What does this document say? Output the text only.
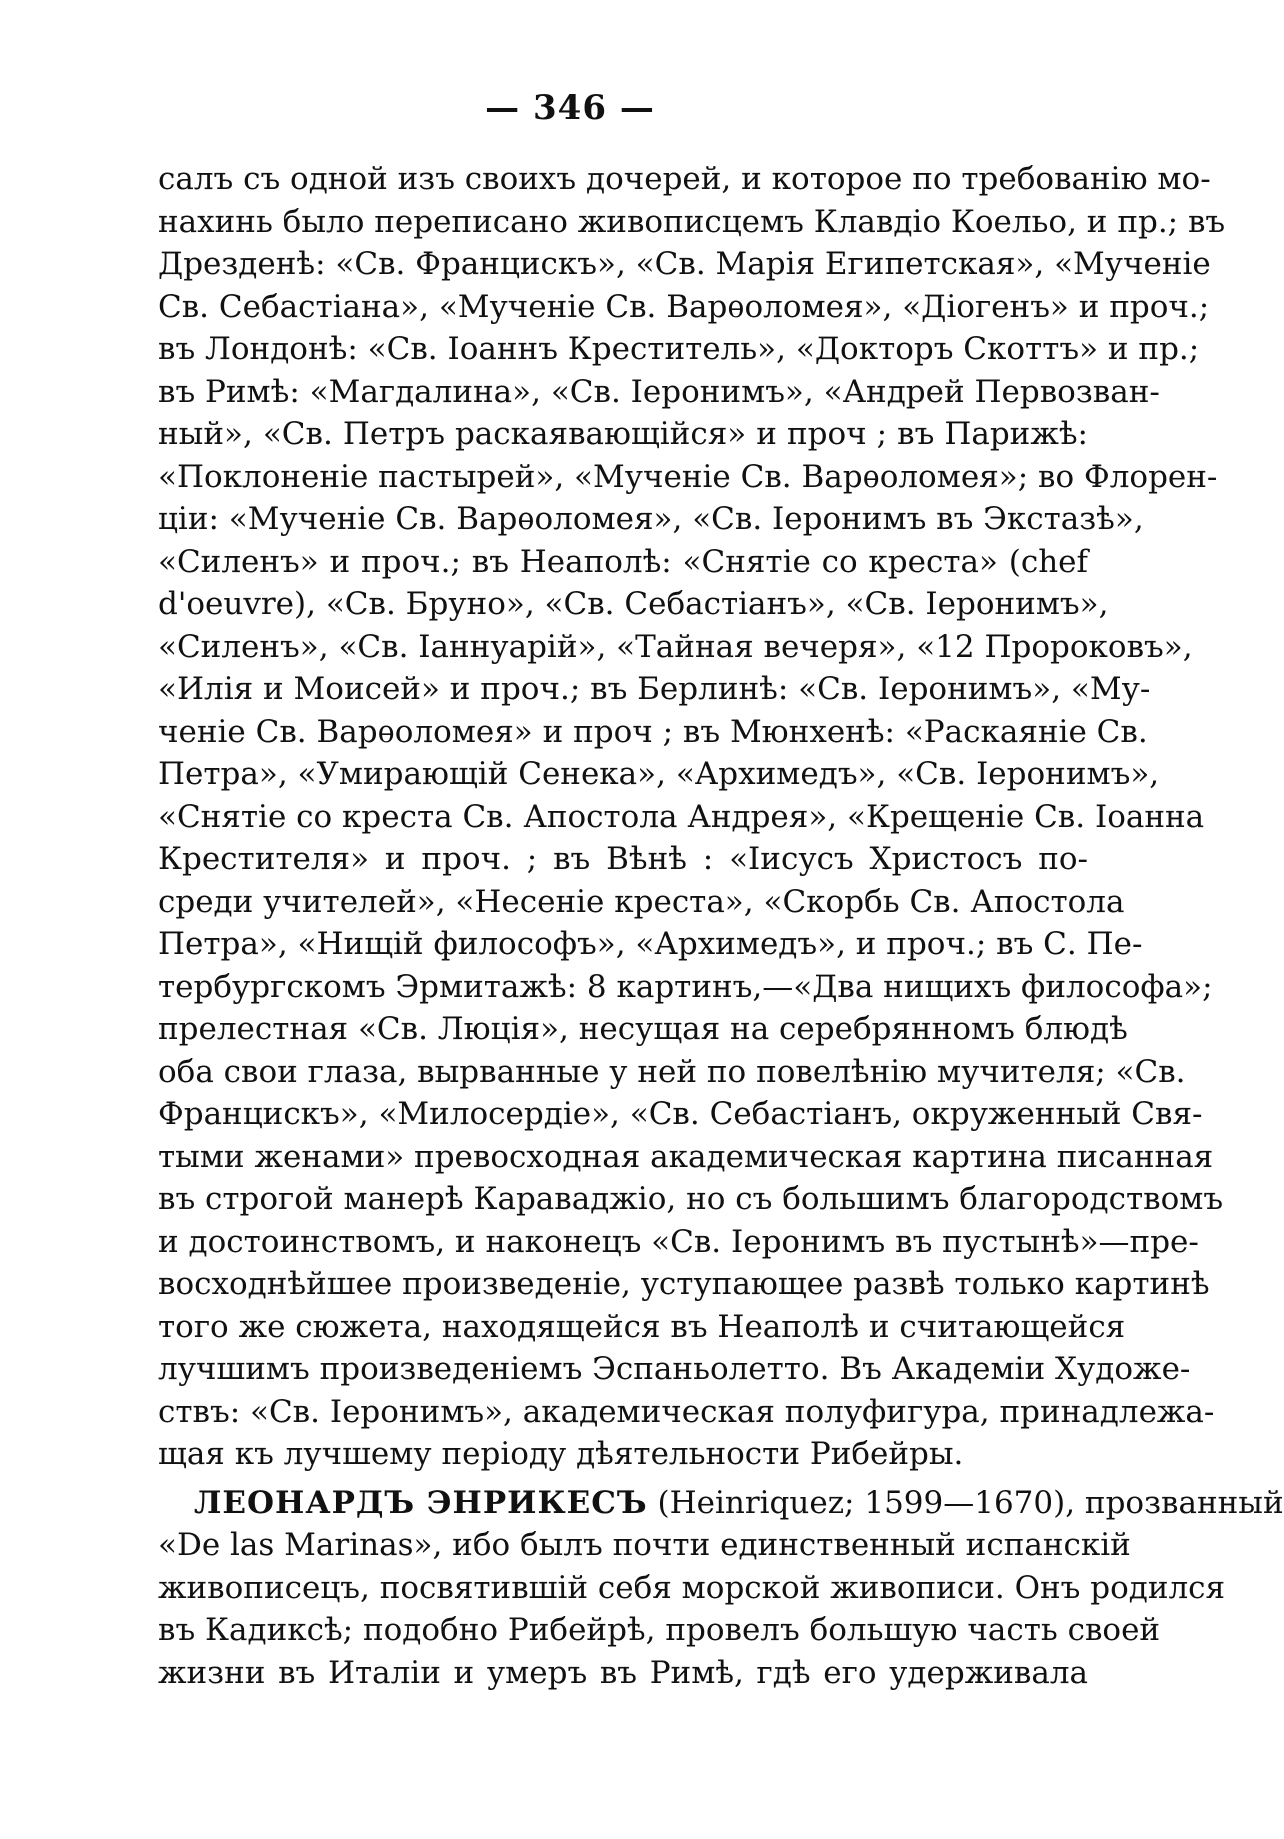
— 346 —
салъ съ одной изъ своихъ дочерей, и которое по требованію мо-
нахинь было переписано живописцемъ Клавдіо Коельо, и пр.; въ
Дрезденѣ: «Св. Францискъ», «Св. Марія Египетская», «Мученіе
Св. Себастіана», «Мученіе Св. Варѳоломея», «Діогенъ» и проч.;
въ Лондонѣ: «Св. Іоаннъ Креститель», «Докторъ Скоттъ» и пр.;
въ Римѣ: «Магдалина», «Св. Іеронимъ», «Андрей Первозван-
ный», «Св. Петръ раскаявающійся» и проч ; въ Парижѣ:
«Поклоненіе пастырей», «Мученіе Св. Варѳоломея»; во Флорен-
ціи: «Мученіе Св. Варѳоломея», «Св. Іеронимъ въ Экстазѣ»,
«Силенъ» и проч.; въ Неаполѣ: «Снятіе со креста» (chef
d'oeuvre), «Св. Бруно», «Св. Себастіанъ», «Св. Іеронимъ»,
«Силенъ», «Св. Іаннуарій», «Тайная вечеря», «12 Пророковъ»,
«Илія и Моисей» и проч.; въ Берлинѣ: «Св. Іеронимъ», «Му-
ченіе Св. Варѳоломея» и проч ; въ Мюнхенѣ: «Раскаяніе Св.
Петра», «Умирающій Сенека», «Архимедъ», «Св. Іеронимъ»,
«Снятіе со креста Св. Апостола Андрея», «Крещеніе Св. Іоанна
Крестителя» и проч. ; въ Вѣнѣ : «Іисусъ Христосъ по-
среди учителей», «Несеніе креста», «Скорбь Св. Апостола
Петра», «Нищій философъ», «Архимедъ», и проч.; въ С. Пе-
тербургскомъ Эрмитажѣ: 8 картинъ,—«Два нищихъ философа»;
прелестная «Св. Люція», несущая на серебрянномъ блюдѣ
оба свои глаза, вырванные у ней по повелѣнію мучителя; «Св.
Францискъ», «Милосердіе», «Св. Себастіанъ, окруженный Свя-
тыми женами» превосходная академическая картина писанная
въ строгой манерѣ Караваджіо, но съ большимъ благородствомъ
и достоинствомъ, и наконецъ «Св. Іеронимъ въ пустынѣ»—пре-
восходнѣйшее произведеніе, уступающее развѣ только картинѣ
того же сюжета, находящейся въ Неаполѣ и считающейся
лучшимъ произведеніемъ Эспаньолетто. Въ Академіи Художе-
ствъ: «Св. Іеронимъ», академическая полуфигура, принадлежа-
щая къ лучшему періоду дѣятельности Рибейры.
ЛЕОНАРДЪ ЭНРИКЕСЪ (Heinriquez; 1599—1670), прозванный
«De las Marinas», ибо былъ почти единственный испанскій
живописецъ, посвятившій себя морской живописи. Онъ родился
въ Кадиксѣ; подобно Рибейрѣ, провелъ большую часть своей
жизни въ Италіи и умеръ въ Римѣ, гдѣ его удерживала
